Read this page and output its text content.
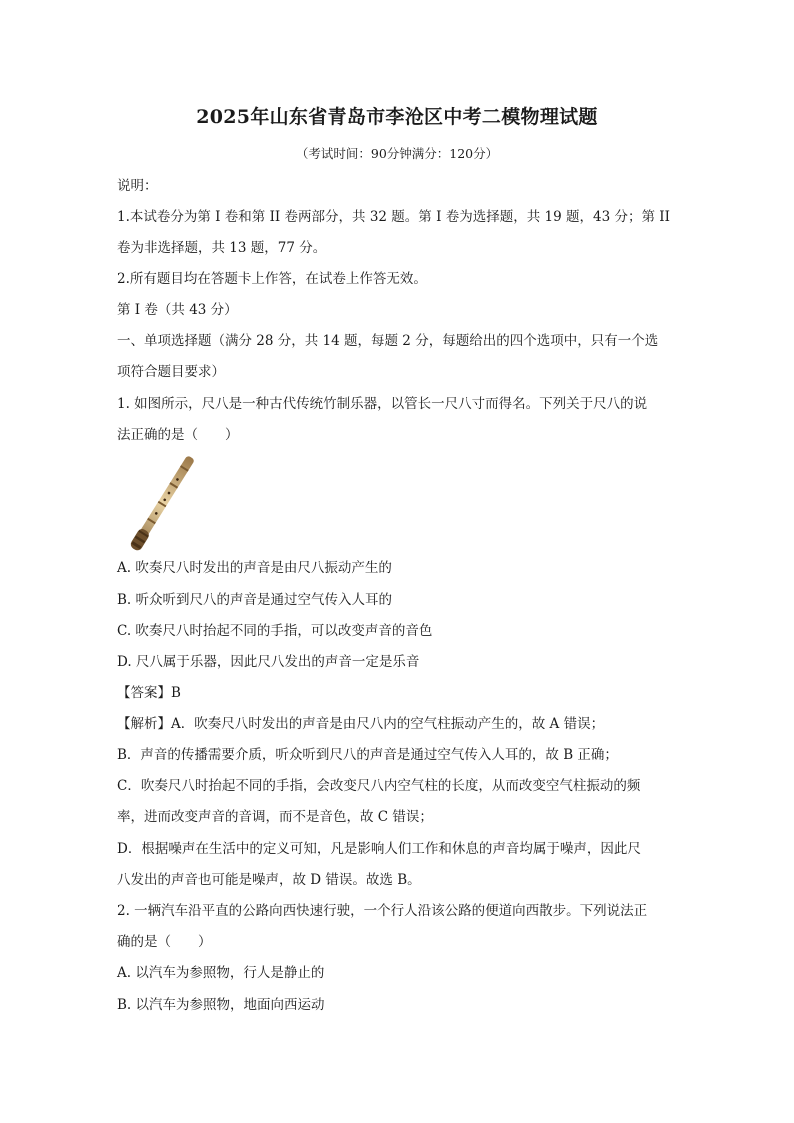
2025年山东省青岛市李沧区中考二模物理试题
（考试时间：90分钟满分：120分）
说明：
1.本试卷分为第 I 卷和第 II 卷两部分，共 32 题。第 I 卷为选择题，共 19 题，43 分；第 II
卷为非选择题，共 13 题，77 分。
2.所有题目均在答题卡上作答，在试卷上作答无效。
第 I 卷（共 43 分）
一、单项选择题（满分 28 分，共 14 题，每题 2 分，每题给出的四个选项中，只有一个选
项符合题目要求）
1. 如图所示，尺八是一种古代传统竹制乐器，以管长一尺八寸而得名。下列关于尺八的说
法正确的是（　　）
A. 吹奏尺八时发出的声音是由尺八振动产生的
B. 听众听到尺八的声音是通过空气传入人耳的
C. 吹奏尺八时抬起不同的手指，可以改变声音的音色
D. 尺八属于乐器，因此尺八发出的声音一定是乐音
【答案】B
【解析】A．吹奏尺八时发出的声音是由尺八内的空气柱振动产生的，故 A 错误；
B．声音的传播需要介质，听众听到尺八的声音是通过空气传入人耳的，故 B 正确；
C．吹奏尺八时抬起不同的手指，会改变尺八内空气柱的长度，从而改变空气柱振动的频
率，进而改变声音的音调，而不是音色，故 C 错误；
D．根据噪声在生活中的定义可知，凡是影响人们工作和休息的声音均属于噪声，因此尺
八发出的声音也可能是噪声，故 D 错误。故选 B。
2. 一辆汽车沿平直的公路向西快速行驶，一个行人沿该公路的便道向西散步。下列说法正
确的是（　　）
A. 以汽车为参照物，行人是静止的
B. 以汽车为参照物，地面向西运动
